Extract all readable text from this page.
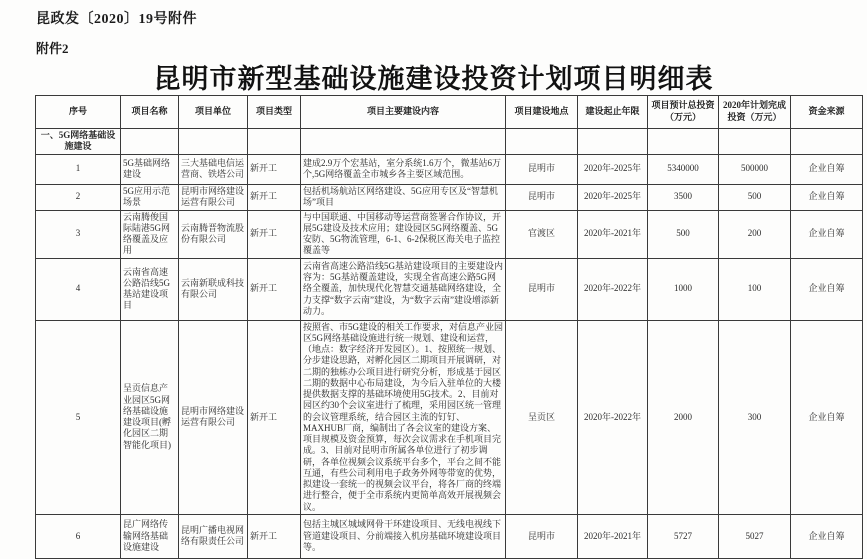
昆政发〔2020〕19号附件
附件2
昆明市新型基础设施建设投资计划项目明细表
序号	项目名称	项目单位	项目类型	项目主要建设内容	项目建设地点	建设起止年限	项目预计总投资（万元）	2020年计划完成投资（万元）	资金来源
一、5G网络基础设施建设									
1	5G基础网络建设	三大基础电信运营商、铁塔公司	新开工	建成2.9万个宏基站，室分系统1.6万个，微基站6万个,5G网络覆盖全市城乡各主要区域范围。	昆明市	2020年-2025年	5340000	500000	企业自筹
2	5G应用示范场景	昆明市网络建设运营有限公司	新开工	包括机场航站区网络建设、5G应用专区及“智慧机场”项目	昆明市	2020年-2025年	3500	500	企业自筹
3	云南腾俊国际陆港5G网络覆盖及应用	云南腾晋物流股份有限公司	新开工	与中国联通、中国移动等运营商签署合作协议，开展5G建设及技术应用；建设园区5G网络覆盖、5G安防、5G物流管理，6-1、6-2保税区海关电子监控覆盖等	官渡区	2020年-2021年	500	200	企业自筹
4	云南省高速公路沿线5G基站建设项目	云南新联成科技有限公司	新开工	云南省高速公路沿线5G基站建设项目的主要建设内容为：5G基站覆盖建设，实现全省高速公路5G网络全覆盖，加快现代化智慧交通基础网络建设，全力支撑“数字云南”建设，为“数字云南”建设增添新动力。	昆明市	2020年-2022年	1000	100	企业自筹
5	呈贡信息产业园区5G网络基础设施建设项目(孵化园区二期智能化项目)	昆明市网络建设运营有限公司	新开工	按照省、市5G建设的相关工作要求，对信息产业园区5G网络基础设施进行统一规划、建设和运营，（地点：数字经济开发园区）。1、按照统一规划、分步建设思路，对孵化园区二期项目开展调研，对二期的独栋办公项目进行研究分析，形成基于园区二期的数据中心布局建设，为今后入驻单位的大楼提供数据支撑的基础环境使用5G技术。2、目前对园区约30个会议室进行了梳理，采用园区统一管理的会议管理系统，结合园区主流的钉钉、MAXHUB厂商，编制出了各会议室的建设方案、项目规模及资金预算，每次会议需求在手机项目完成。3、目前对昆明市所属各单位进行了初步调研，各单位视频会议系统平台多个，平台之间不能互通，有些公司利用电子政务外网等带宽的优势，拟建设一套统一的视频会议平台，将各厂商的终端进行整合，便于全市系统内更简单高效开展视频会议。	呈贡区	2020年-2022年	2000	300	企业自筹
6	昆广网络传输网络基础设施建设	昆明广播电视网络有限责任公司	新开工	包括主城区城域网骨干环建设项目、无线电视线下管道建设项目、分前端接入机房基础环境建设项目等。	昆明市	2020年-2021年	5727	5027	企业自筹
